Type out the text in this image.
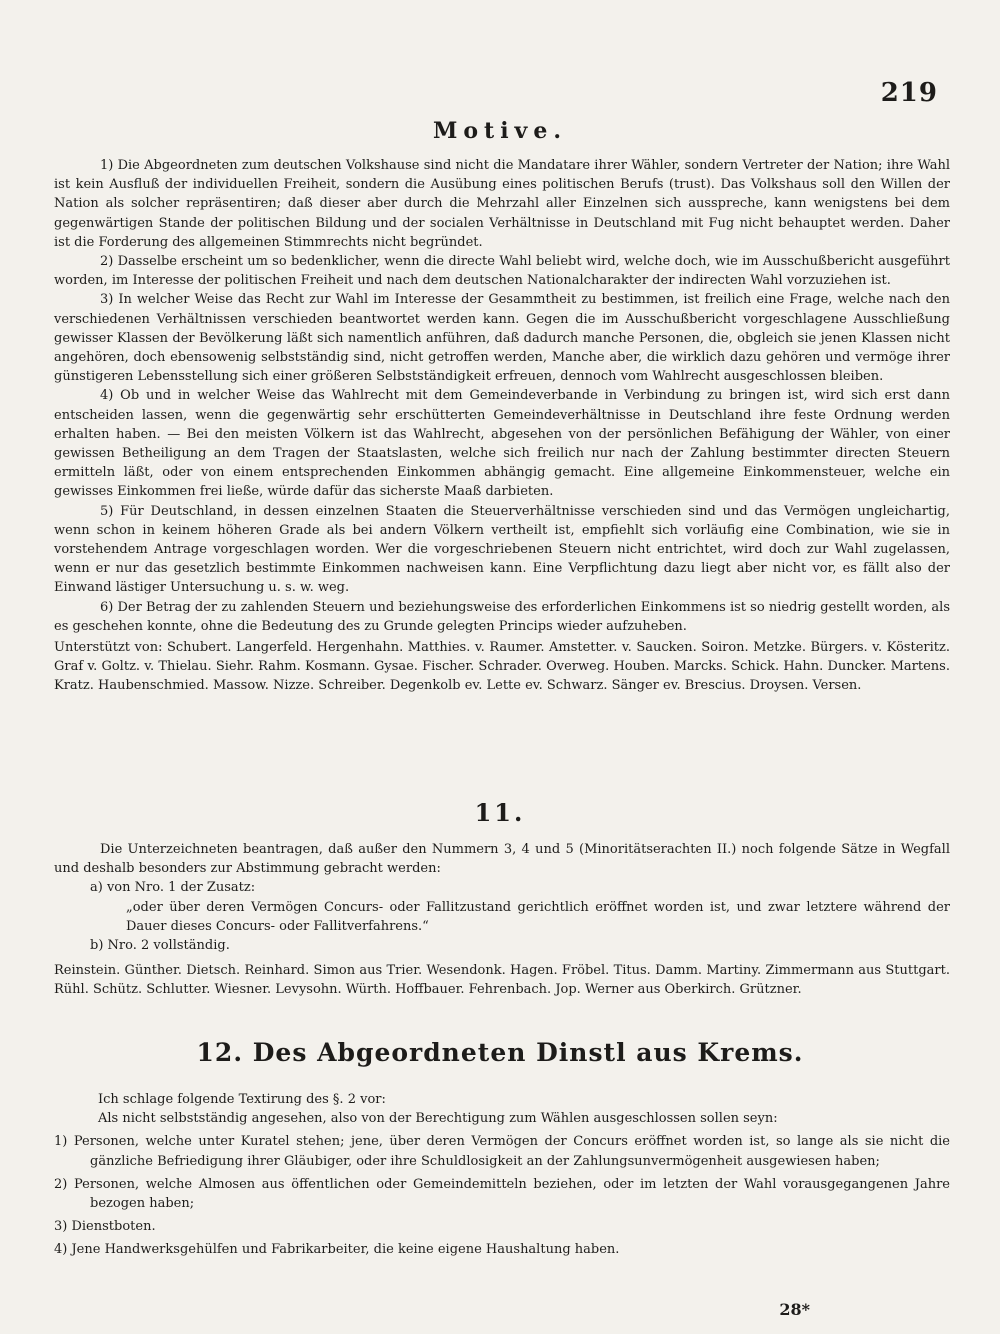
219
Motive.

1) Die Abgeordneten zum deutschen Volkshause sind nicht die Mandatare ihrer Wähler, sondern Vertreter der Nation; ihre Wahl ist kein Ausfluß der individuellen Freiheit, sondern die Ausübung eines politischen Berufs (trust). Das Volkshaus soll den Willen der Nation als solcher repräsentiren; daß dieser aber durch die Mehrzahl aller Einzelnen sich ausspreche, kann wenigstens bei dem gegenwärtigen Stande der politischen Bildung und der socialen Verhältnisse in Deutschland mit Fug nicht behauptet werden. Daher ist die Forderung des allgemeinen Stimmrechts nicht begründet.

2) Dasselbe erscheint um so bedenklicher, wenn die directe Wahl beliebt wird, welche doch, wie im Ausschußbericht ausgeführt worden, im Interesse der politischen Freiheit und nach dem deutschen Nationalcharakter der indirecten Wahl vorzuziehen ist.

3) In welcher Weise das Recht zur Wahl im Interesse der Gesammtheit zu bestimmen, ist freilich eine Frage, welche nach den verschiedenen Verhältnissen verschieden beantwortet werden kann. Gegen die im Ausschußbericht vorgeschlagene Ausschließung gewisser Klassen der Bevölkerung läßt sich namentlich anführen, daß dadurch manche Personen, die, obgleich sie jenen Klassen nicht angehören, doch ebensowenig selbstständig sind, nicht getroffen werden, Manche aber, die wirklich dazu gehören und vermöge ihrer günstigeren Lebensstellung sich einer größeren Selbstständigkeit erfreuen, dennoch vom Wahlrecht ausgeschlossen bleiben.

4) Ob und in welcher Weise das Wahlrecht mit dem Gemeindeverbande in Verbindung zu bringen ist, wird sich erst dann entscheiden lassen, wenn die gegenwärtig sehr erschütterten Gemeindeverhältnisse in Deutschland ihre feste Ordnung werden erhalten haben. — Bei den meisten Völkern ist das Wahlrecht, abgesehen von der persönlichen Befähigung der Wähler, von einer gewissen Betheiligung an dem Tragen der Staatslasten, welche sich freilich nur nach der Zahlung bestimmter directen Steuern ermitteln läßt, oder von einem entsprechenden Einkommen abhängig gemacht. Eine allgemeine Einkommensteuer, welche ein gewisses Einkommen frei ließe, würde dafür das sicherste Maaß darbieten.

5) Für Deutschland, in dessen einzelnen Staaten die Steuerverhältnisse verschieden sind und das Vermögen ungleichartig, wenn schon in keinem höheren Grade als bei andern Völkern vertheilt ist, empfiehlt sich vorläufig eine Combination, wie sie in vorstehendem Antrage vorgeschlagen worden. Wer die vorgeschriebenen Steuern nicht entrichtet, wird doch zur Wahl zugelassen, wenn er nur das gesetzlich bestimmte Einkommen nachweisen kann. Eine Verpflichtung dazu liegt aber nicht vor, es fällt also der Einwand lästiger Untersuchung u. s. w. weg.

6) Der Betrag der zu zahlenden Steuern und beziehungsweise des erforderlichen Einkommens ist so niedrig gestellt worden, als es geschehen konnte, ohne die Bedeutung des zu Grunde gelegten Princips wieder aufzuheben.

Unterstützt von: Schubert. Langerfeld. Hergenhahn. Matthies. v. Raumer. Amstetter. v. Saucken. Soiron. Metzke. Bürgers. v. Kösteritz. Graf v. Goltz. v. Thielau. Siehr. Rahm. Kosmann. Gysae. Fischer. Schrader. Overweg. Houben. Marcks. Schick. Hahn. Duncker. Martens. Kratz. Haubenschmied. Massow. Nizze. Schreiber. Degenkolb ev. Lette ev. Schwarz. Sänger ev. Brescius. Droysen. Versen.

11.

Die Unterzeichneten beantragen, daß außer den Nummern 3, 4 und 5 (Minoritätserachten II.) noch folgende Sätze in Wegfall und deshalb besonders zur Abstimmung gebracht werden:

a) von Nro. 1 der Zusatz:

„oder über deren Vermögen Concurs- oder Fallitzustand gerichtlich eröffnet worden ist, und zwar letztere während der Dauer dieses Concurs- oder Fallitverfahrens.“

b) Nro. 2 vollständig.

Reinstein. Günther. Dietsch. Reinhard. Simon aus Trier. Wesendonk. Hagen. Fröbel. Titus. Damm. Martiny. Zimmermann aus Stuttgart. Rühl. Schütz. Schlutter. Wiesner. Levysohn. Würth. Hoffbauer. Fehrenbach. Jop. Werner aus Oberkirch. Grützner.

12. Des Abgeordneten Dinstl aus Krems.

Ich schlage folgende Textirung des §. 2 vor:

Als nicht selbstständig angesehen, also von der Berechtigung zum Wählen ausgeschlossen sollen seyn:

1) Personen, welche unter Kuratel stehen; jene, über deren Vermögen der Concurs eröffnet worden ist, so lange als sie nicht die gänzliche Befriedigung ihrer Gläubiger, oder ihre Schuldlosigkeit an der Zahlungsunvermögenheit ausgewiesen haben;

2) Personen, welche Almosen aus öffentlichen oder Gemeindemitteln beziehen, oder im letzten der Wahl vorausgegangenen Jahre bezogen haben;

3) Dienstboten.

4) Jene Handwerksgehülfen und Fabrikarbeiter, die keine eigene Haushaltung haben.

28*
